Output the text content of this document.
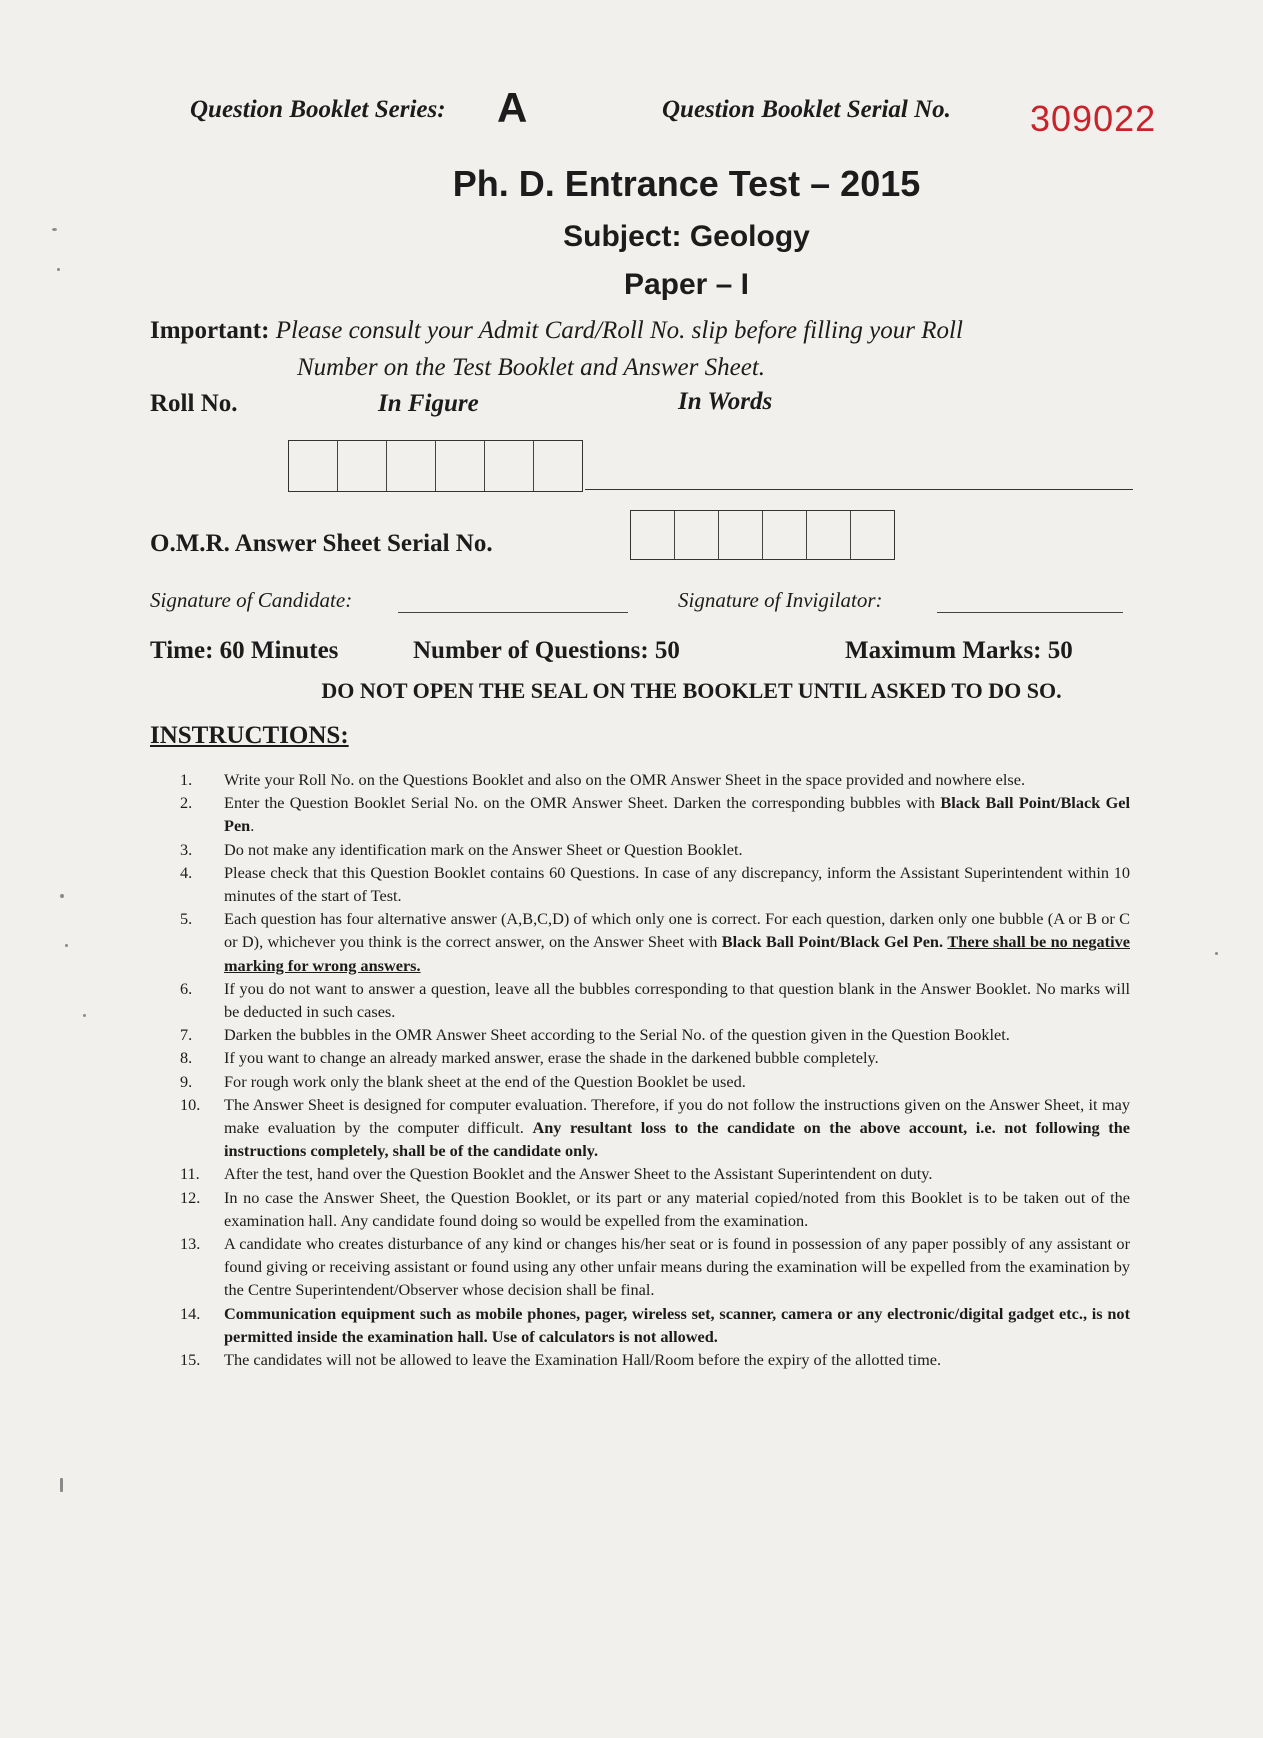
Question Booklet Series: A	Question Booklet Serial No. 309022
Ph. D. Entrance Test – 2015
Subject: Geology
Paper – I
Important: Please consult your Admit Card/Roll No. slip before filling your Roll
Number on the Test Booklet and Answer Sheet.
Roll No.	In Figure	In Words
O.M.R. Answer Sheet Serial No.
Signature of Candidate:	Signature of Invigilator:
Time: 60 Minutes	Number of Questions: 50	Maximum Marks: 50
DO NOT OPEN THE SEAL ON THE BOOKLET UNTIL ASKED TO DO SO.
INSTRUCTIONS:
1.	Write your Roll No. on the Questions Booklet and also on the OMR Answer Sheet in the space provided and nowhere else.
2.	Enter the Question Booklet Serial No. on the OMR Answer Sheet. Darken the corresponding bubbles with Black Ball Point/Black Gel Pen.
3.	Do not make any identification mark on the Answer Sheet or Question Booklet.
4.	Please check that this Question Booklet contains 60 Questions. In case of any discrepancy, inform the Assistant Superintendent within 10 minutes of the start of Test.
5.	Each question has four alternative answer (A,B,C,D) of which only one is correct. For each question, darken only one bubble (A or B or C or D), whichever you think is the correct answer, on the Answer Sheet with Black Ball Point/Black Gel Pen. There shall be no negative marking for wrong answers.
6.	If you do not want to answer a question, leave all the bubbles corresponding to that question blank in the Answer Booklet. No marks will be deducted in such cases.
7.	Darken the bubbles in the OMR Answer Sheet according to the Serial No. of the question given in the Question Booklet.
8.	If you want to change an already marked answer, erase the shade in the darkened bubble completely.
9.	For rough work only the blank sheet at the end of the Question Booklet be used.
10.	The Answer Sheet is designed for computer evaluation. Therefore, if you do not follow the instructions given on the Answer Sheet, it may make evaluation by the computer difficult. Any resultant loss to the candidate on the above account, i.e. not following the instructions completely, shall be of the candidate only.
11.	After the test, hand over the Question Booklet and the Answer Sheet to the Assistant Superintendent on duty.
12.	In no case the Answer Sheet, the Question Booklet, or its part or any material copied/noted from this Booklet is to be taken out of the examination hall. Any candidate found doing so would be expelled from the examination.
13.	A candidate who creates disturbance of any kind or changes his/her seat or is found in possession of any paper possibly of any assistant or found giving or receiving assistant or found using any other unfair means during the examination will be expelled from the examination by the Centre Superintendent/Observer whose decision shall be final.
14.	Communication equipment such as mobile phones, pager, wireless set, scanner, camera or any electronic/digital gadget etc., is not permitted inside the examination hall. Use of calculators is not allowed.
15.	The candidates will not be allowed to leave the Examination Hall/Room before the expiry of the allotted time.
